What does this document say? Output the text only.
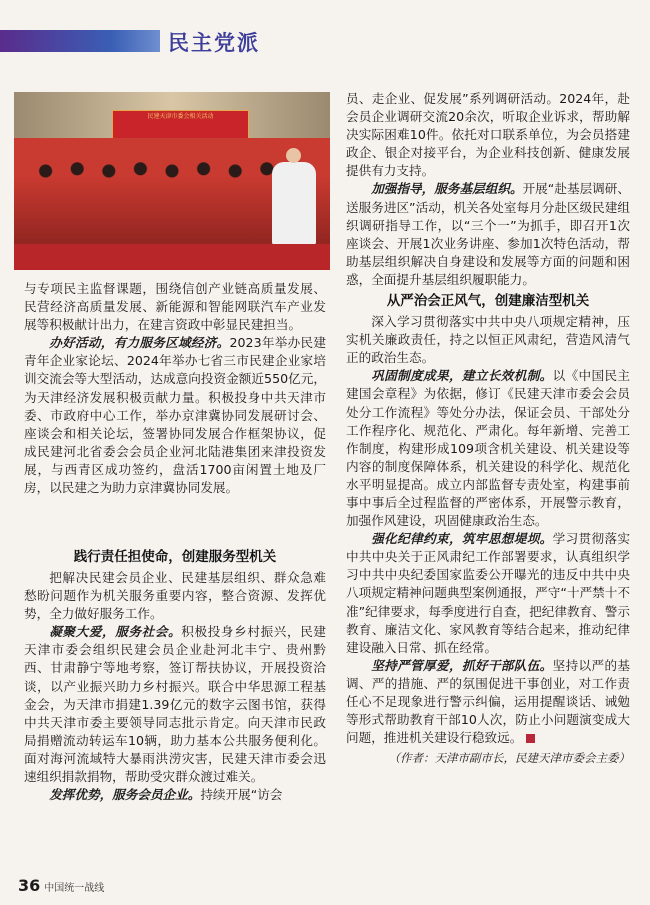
民主党派
民建天津市委会相关活动

与专项民主监督课题，围绕信创产业链高质量发展、民营经济高质量发展、新能源和智能网联汽车产业发展等积极献计出力，在建言资政中彰显民建担当。

办好活动，有力服务区域经济。2023年举办民建青年企业家论坛、2024年举办七省三市民建企业家培训交流会等大型活动，达成意向投资金额近550亿元，为天津经济发展积极贡献力量。积极投身中共天津市委、市政府中心工作，举办京津冀协同发展研讨会、座谈会和相关论坛，签署协同发展合作框架协议，促成民建河北省委会会员企业河北陆港集团来津投资发展，与西青区成功签约，盘活1700亩闲置土地及厂房，以民建之为助力京津冀协同发展。

践行责任担使命，创建服务型机关

把解决民建会员企业、民建基层组织、群众急难愁盼问题作为机关服务重要内容，整合资源、发挥优势，全力做好服务工作。

凝聚大爱，服务社会。积极投身乡村振兴，民建天津市委会组织民建会员企业赴河北丰宁、贵州黔西、甘肃静宁等地考察，签订帮扶协议，开展投资洽谈，以产业振兴助力乡村振兴。联合中华思源工程基金会，为天津市捐建1.39亿元的数字云图书馆，获得中共天津市委主要领导同志批示肯定。向天津市民政局捐赠流动转运车10辆，助力基本公共服务便利化。面对海河流域特大暴雨洪涝灾害，民建天津市委会迅速组织捐款捐物，帮助受灾群众渡过难关。

发挥优势，服务会员企业。持续开展“访会

员、走企业、促发展”系列调研活动。2024年，赴会员企业调研交流20余次，听取企业诉求，帮助解决实际困难10件。依托对口联系单位，为会员搭建政企、银企对接平台，为企业科技创新、健康发展提供有力支持。

加强指导，服务基层组织。开展“赴基层调研、送服务进区”活动，机关各处室每月分赴区级民建组织调研指导工作，以“三个一”为抓手，即召开1次座谈会、开展1次业务讲座、参加1次特色活动，帮助基层组织解决自身建设和发展等方面的问题和困惑，全面提升基层组织履职能力。

从严治会正风气，创建廉洁型机关

深入学习贯彻落实中共中央八项规定精神，压实机关廉政责任，持之以恒正风肃纪，营造风清气正的政治生态。

巩固制度成果，建立长效机制。以《中国民主建国会章程》为依据，修订《民建天津市委会会员处分工作流程》等处分办法，保证会员、干部处分工作程序化、规范化、严肃化。每年新增、完善工作制度，构建形成109项含机关建设、机关建设等内容的制度保障体系，机关建设的科学化、规范化水平明显提高。成立内部监督专责处室，构建事前事中事后全过程监督的严密体系，开展警示教育，加强作风建设，巩固健康政治生态。

强化纪律约束，筑牢思想堤坝。学习贯彻落实中共中央关于正风肃纪工作部署要求，认真组织学习中共中央纪委国家监委公开曝光的违反中共中央八项规定精神问题典型案例通报，严守“十严禁十不准”纪律要求，每季度进行自查，把纪律教育、警示教育、廉洁文化、家风教育等结合起来，推动纪律建设融入日常、抓在经常。

坚持严管厚爱，抓好干部队伍。坚持以严的基调、严的措施、严的氛围促进干事创业，对工作责任心不足现象进行警示纠偏，运用提醒谈话、诫勉等形式帮助教育干部10人次，防止小问题演变成大问题，推进机关建设行稳致远。

（作者：天津市副市长，民建天津市委会主委）

36 中国统一战线
